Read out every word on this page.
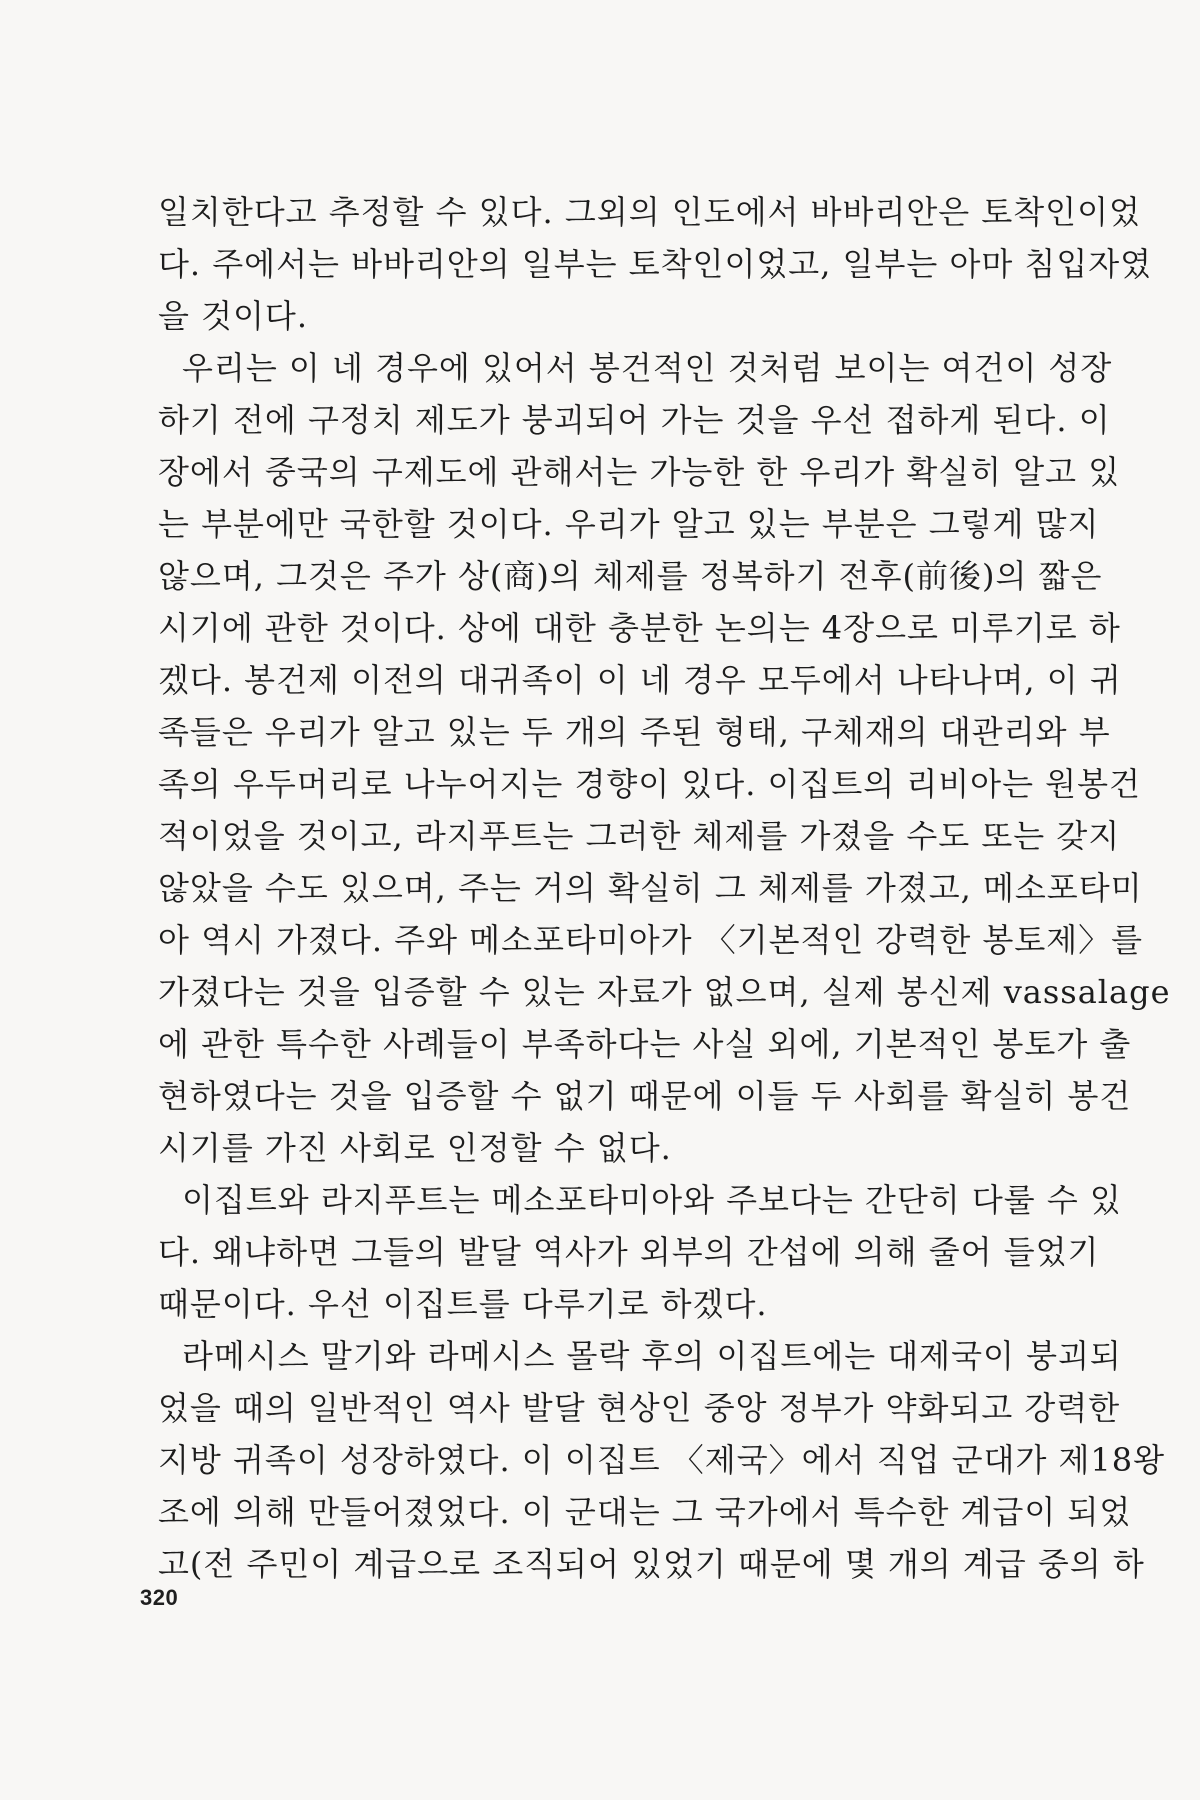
일치한다고 추정할 수 있다. 그외의 인도에서 바바리안은 토착인이었
다. 주에서는 바바리안의 일부는 토착인이었고, 일부는 아마 침입자였
을 것이다.
우리는 이 네 경우에 있어서 봉건적인 것처럼 보이는 여건이 성장
하기 전에 구정치 제도가 붕괴되어 가는 것을 우선 접하게 된다. 이
장에서 중국의 구제도에 관해서는 가능한 한 우리가 확실히 알고 있
는 부분에만 국한할 것이다. 우리가 알고 있는 부분은 그렇게 많지
않으며, 그것은 주가 상(商)의 체제를 정복하기 전후(前後)의 짧은
시기에 관한 것이다. 상에 대한 충분한 논의는 4장으로 미루기로 하
겠다. 봉건제 이전의 대귀족이 이 네 경우 모두에서 나타나며, 이 귀
족들은 우리가 알고 있는 두 개의 주된 형태, 구체재의 대관리와 부
족의 우두머리로 나누어지는 경향이 있다. 이집트의 리비아는 원봉건
적이었을 것이고, 라지푸트는 그러한 체제를 가졌을 수도 또는 갖지
않았을 수도 있으며, 주는 거의 확실히 그 체제를 가졌고, 메소포타미
아 역시 가졌다. 주와 메소포타미아가 〈기본적인 강력한 봉토제〉를
가졌다는 것을 입증할 수 있는 자료가 없으며, 실제 봉신제 vassalage
에 관한 특수한 사례들이 부족하다는 사실 외에, 기본적인 봉토가 출
현하였다는 것을 입증할 수 없기 때문에 이들 두 사회를 확실히 봉건
시기를 가진 사회로 인정할 수 없다.
이집트와 라지푸트는 메소포타미아와 주보다는 간단히 다룰 수 있
다. 왜냐하면 그들의 발달 역사가 외부의 간섭에 의해 줄어 들었기
때문이다. 우선 이집트를 다루기로 하겠다.
라메시스 말기와 라메시스 몰락 후의 이집트에는 대제국이 붕괴되
었을 때의 일반적인 역사 발달 현상인 중앙 정부가 약화되고 강력한
지방 귀족이 성장하였다. 이 이집트 〈제국〉에서 직업 군대가 제18왕
조에 의해 만들어졌었다. 이 군대는 그 국가에서 특수한 계급이 되었
고(전 주민이 계급으로 조직되어 있었기 때문에 몇 개의 계급 중의 하
320
